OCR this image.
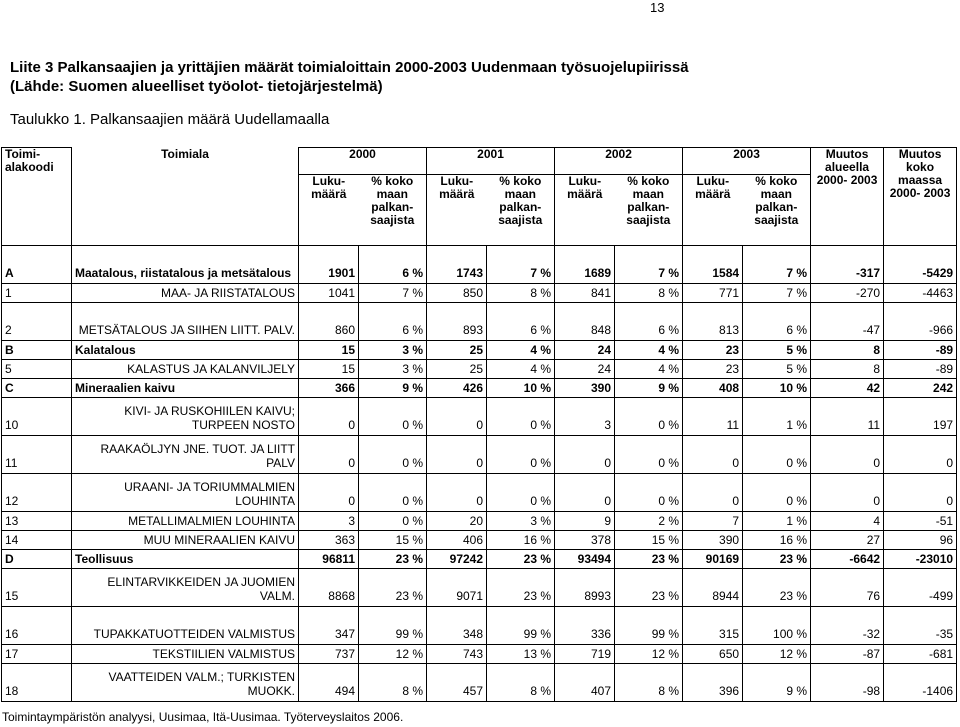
13
Liite 3 Palkansaajien ja yrittäjien määrät toimialoittain 2000-2003 Uudenmaan työsuojelupiirissä
(Lähde: Suomen alueelliset työolot- tietojärjestelmä)
Taulukko 1. Palkansaajien määrä Uudellamaalla
Toimi- alakoodi	Toimiala	2000		2001		2002		2003		Muutos alueella 2000- 2003	Muutos koko maassa 2000- 2003
		Luku- määrä	% koko maan palkan- saajista	Luku- määrä	% koko maan palkan- saajista	Luku- määrä	% koko maan palkan- saajista	Luku- määrä	% koko maan palkan- saajista		
A	Maatalous, riistatalous ja metsätalous	1901	6 %	1743	7 %	1689	7 %	1584	7 %	-317	-5429
1	MAA- JA RIISTATALOUS	1041	7 %	850	8 %	841	8 %	771	7 %	-270	-4463
2	METSÄTALOUS JA SIIHEN LIITT. PALV.	860	6 %	893	6 %	848	6 %	813	6 %	-47	-966
B	Kalatalous	15	3 %	25	4 %	24	4 %	23	5 %	8	-89
5	KALASTUS JA KALANVILJELY	15	3 %	25	4 %	24	4 %	23	5 %	8	-89
C	Mineraalien kaivu	366	9 %	426	10 %	390	9 %	408	10 %	42	242
10	KIVI- JA RUSKOHIILEN KAIVU; TURPEEN NOSTO	0	0 %	0	0 %	3	0 %	11	1 %	11	197
11	RAAKAÖLJYN JNE. TUOT. JA LIITT PALV	0	0 %	0	0 %	0	0 %	0	0 %	0	0
12	URAANI- JA TORIUMMALMIEN LOUHINTA	0	0 %	0	0 %	0	0 %	0	0 %	0	0
13	METALLIMALMIEN LOUHINTA	3	0 %	20	3 %	9	2 %	7	1 %	4	-51
14	MUU MINERAALIEN KAIVU	363	15 %	406	16 %	378	15 %	390	16 %	27	96
D	Teollisuus	96811	23 %	97242	23 %	93494	23 %	90169	23 %	-6642	-23010
15	ELINTARVIKKEIDEN JA JUOMIEN VALM.	8868	23 %	9071	23 %	8993	23 %	8944	23 %	76	-499
16	TUPAKKATUOTTEIDEN VALMISTUS	347	99 %	348	99 %	336	99 %	315	100 %	-32	-35
17	TEKSTIILIEN VALMISTUS	737	12 %	743	13 %	719	12 %	650	12 %	-87	-681
18	VAATTEIDEN VALM.; TURKISTEN MUOKK.	494	8 %	457	8 %	407	8 %	396	9 %	-98	-1406
Toimintaympäristön analyysi, Uusimaa, Itä-Uusimaa. Työterveyslaitos 2006.
